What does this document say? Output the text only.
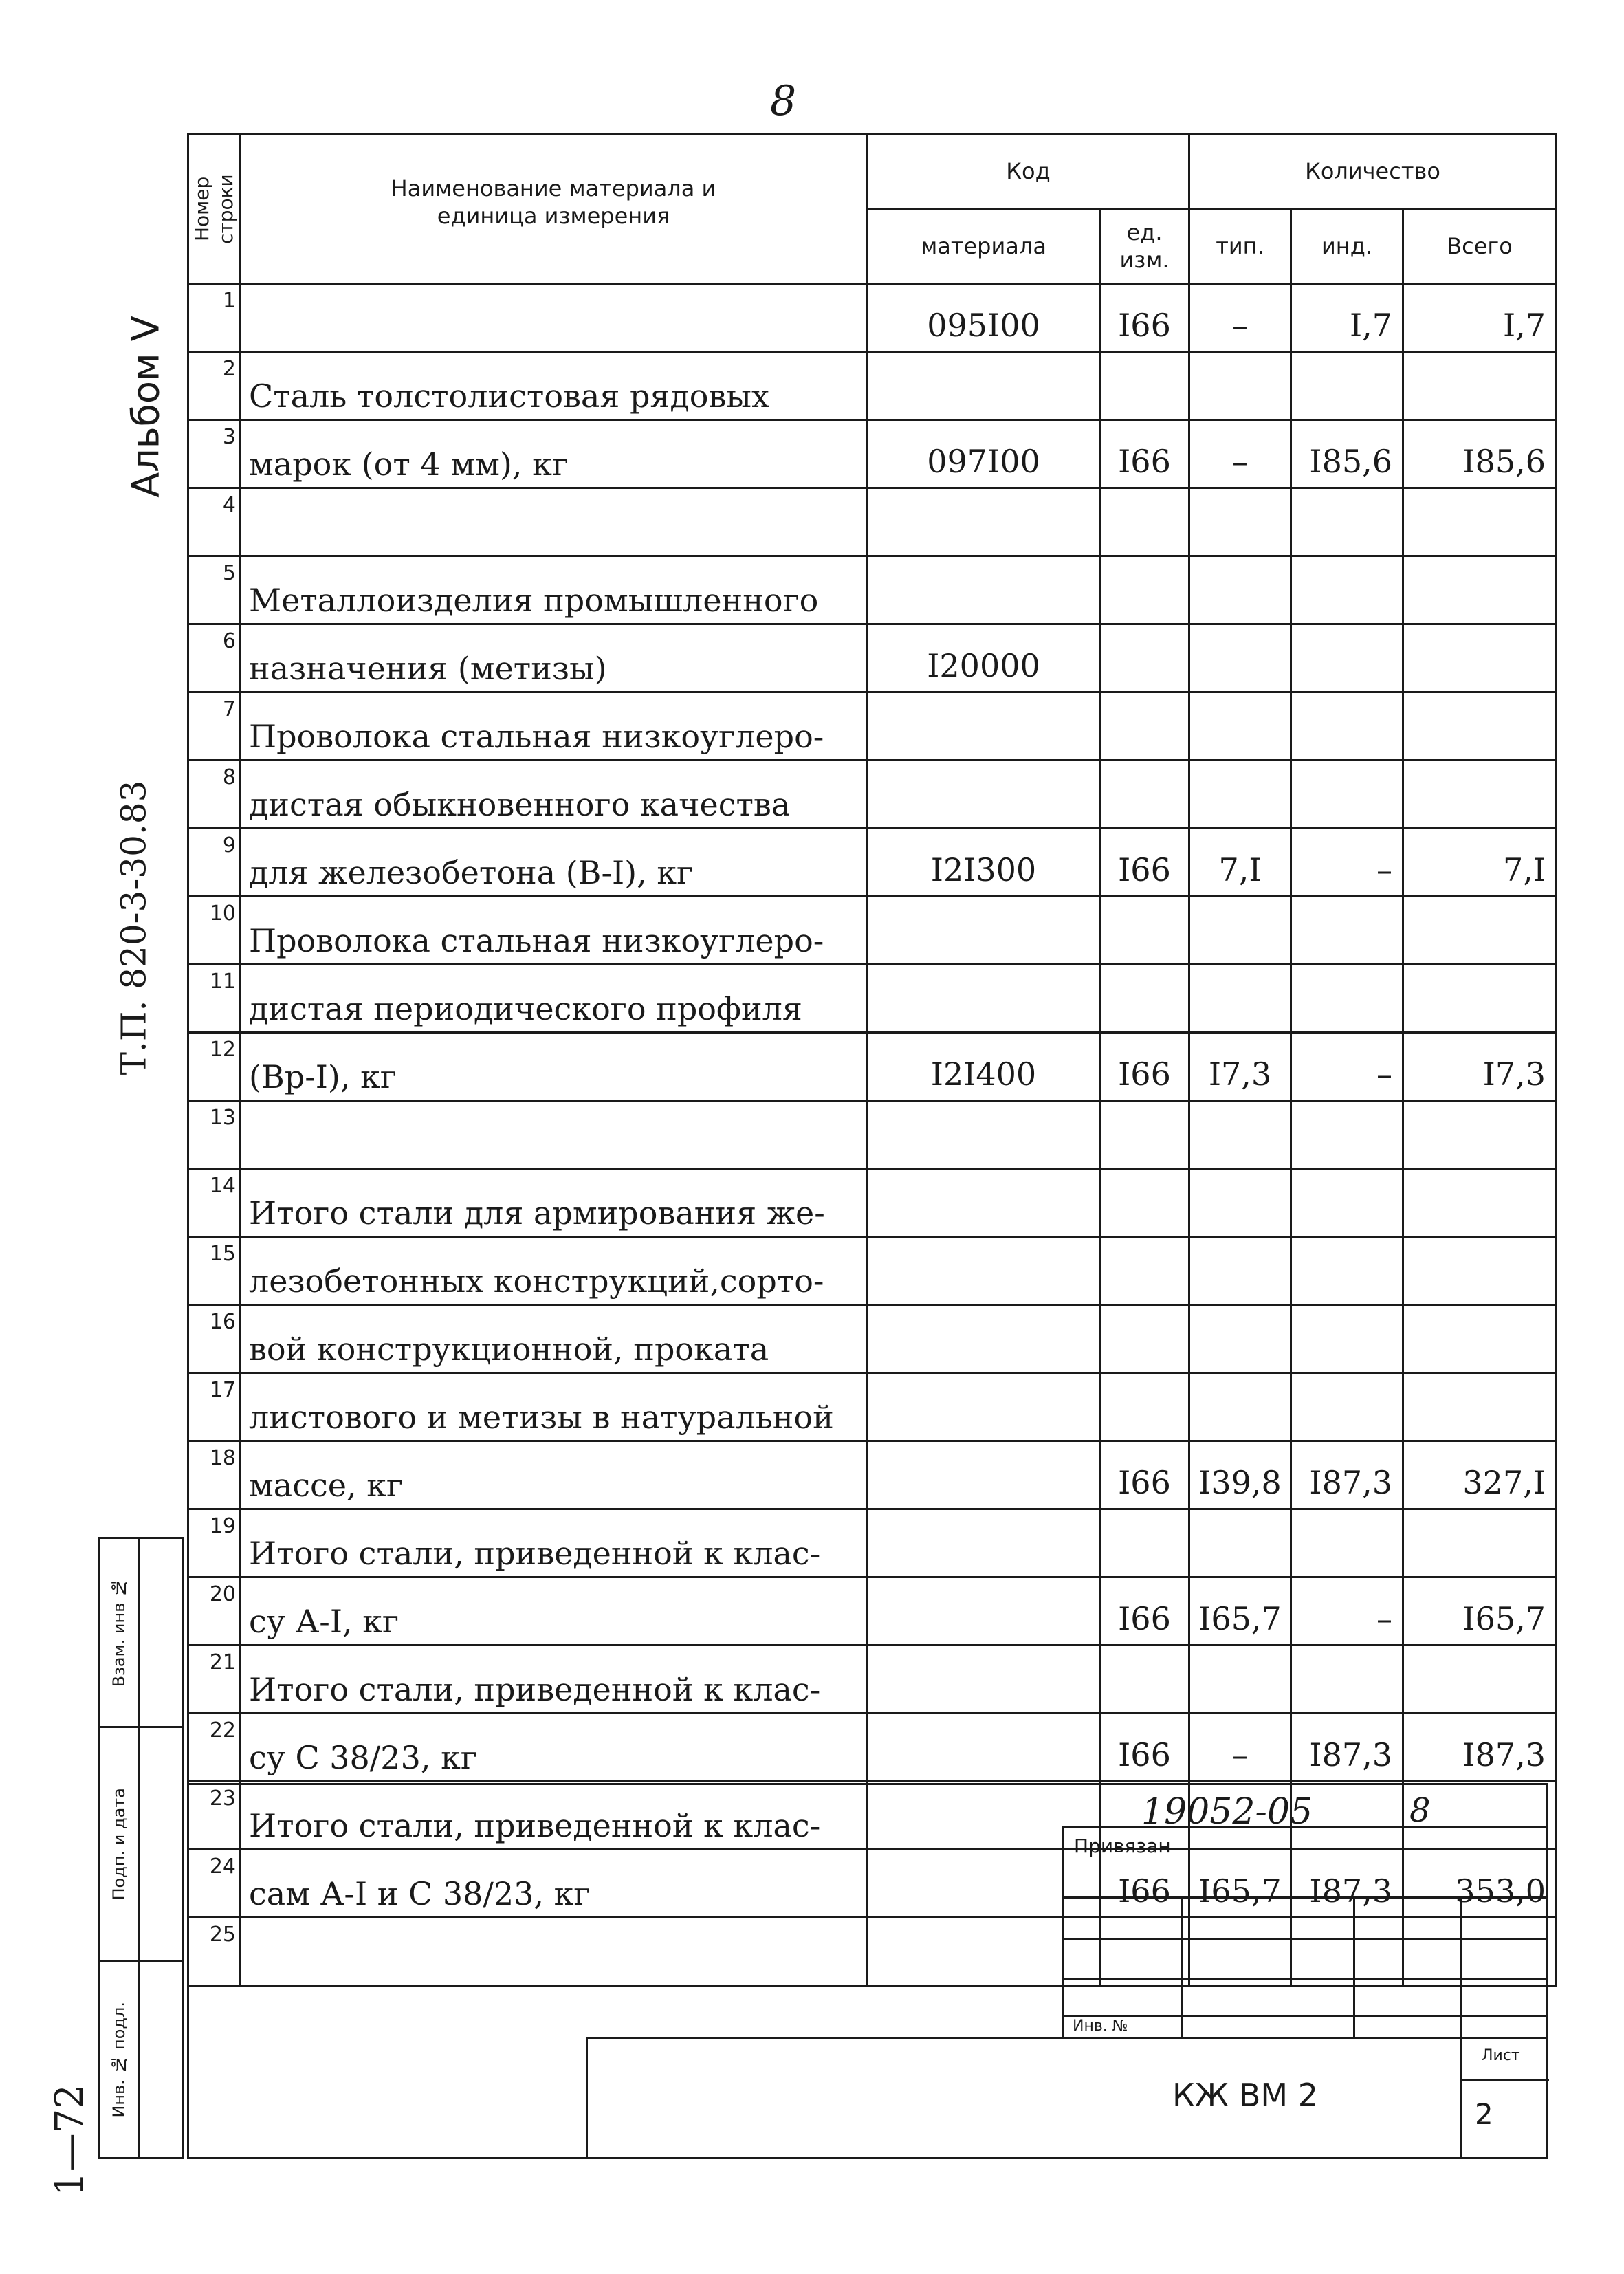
8
Альбом V
Т.П. 820-3-30.83
1—72
Номер строки	Наименование материала и единица измерения	Код		Количество		
		материала	ед. изм.	тип.	инд.	Всего
1		095I00	I66	–	I,7	I,7
2	Сталь толстолистовая рядовых					
3	марок (от 4 мм), кг	097I00	I66	–	I85,6	I85,6
4						
5	Металлоизделия промышленного					
6	назначения (метизы)	I20000				
7	Проволока стальная низкоуглеро-					
8	дистая обыкновенного качества					
9	для железобетона (В-I), кг	I2I300	I66	7,I	–	7,I
10	Проволока стальная низкоуглеро-					
11	дистая периодического профиля					
12	(Вр-I), кг	I2I400	I66	I7,3	–	I7,3
13						
14	Итого стали для армирования же-					
15	лезобетонных конструкций,сорто-					
16	вой конструкционной, проката					
17	листового и метизы в натуральной					
18	массе, кг		I66	I39,8	I87,3	327,I
19	Итого стали, приведенной к клас-					
20	су А-I, кг		I66	I65,7	–	I65,7
21	Итого стали, приведенной к клас-					
22	су С 38/23, кг		I66	–	I87,3	I87,3
23	Итого стали, приведенной к клас-					
24	сам А-I и С 38/23, кг		I66	I65,7	I87,3	353,0
25						
Взам. инв №
Подп. и дата
Инв. № подл.
19052-05	8
Привязан
Инв. №
КЖ ВМ 2
Лист
2
